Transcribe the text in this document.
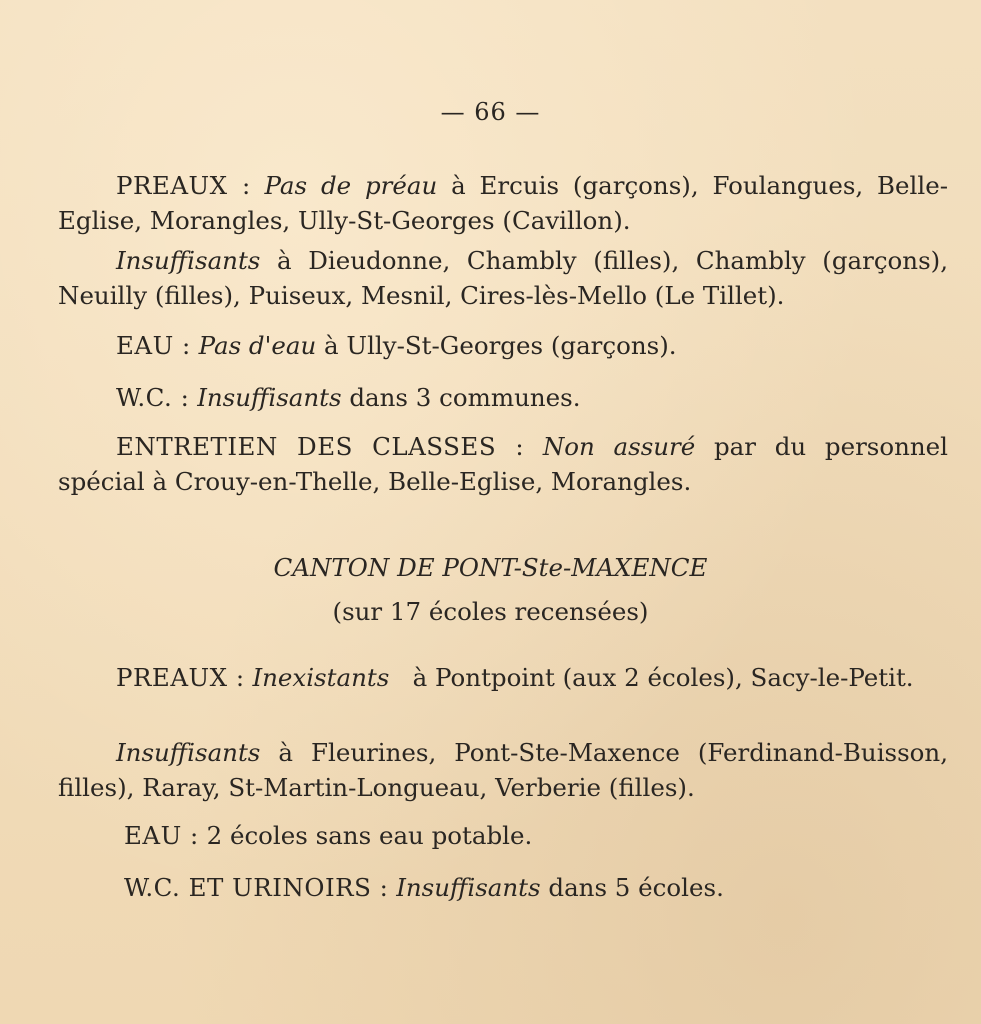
— 66 —

PREAUX : Pas de préau à Ercuis (garçons), Foulangues, Belle-Eglise, Morangles, Ully-St-Georges (Cavillon).

Insuffisants à Dieudonne, Chambly (filles), Chambly (garçons), Neuilly (filles), Puiseux, Mesnil, Cires-lès-Mello (Le Tillet).

EAU : Pas d'eau à Ully-St-Georges (garçons).

W.C. : Insuffisants dans 3 communes.

ENTRETIEN DES CLASSES : Non assuré par du personnel spécial à Crouy-en-Thelle, Belle-Eglise, Morangles.

CANTON DE PONT-Ste-MAXENCE

(sur 17 écoles recensées)

PREAUX : Inexistants   à Pontpoint (aux 2 écoles), Sacy-le-Petit.

Insuffisants à Fleurines, Pont-Ste-Maxence (Ferdinand-Buisson, filles), Raray, St-Martin-Longueau, Verberie (filles).

EAU : 2 écoles sans eau potable.

W.C. ET URINOIRS : Insuffisants dans 5 écoles.
